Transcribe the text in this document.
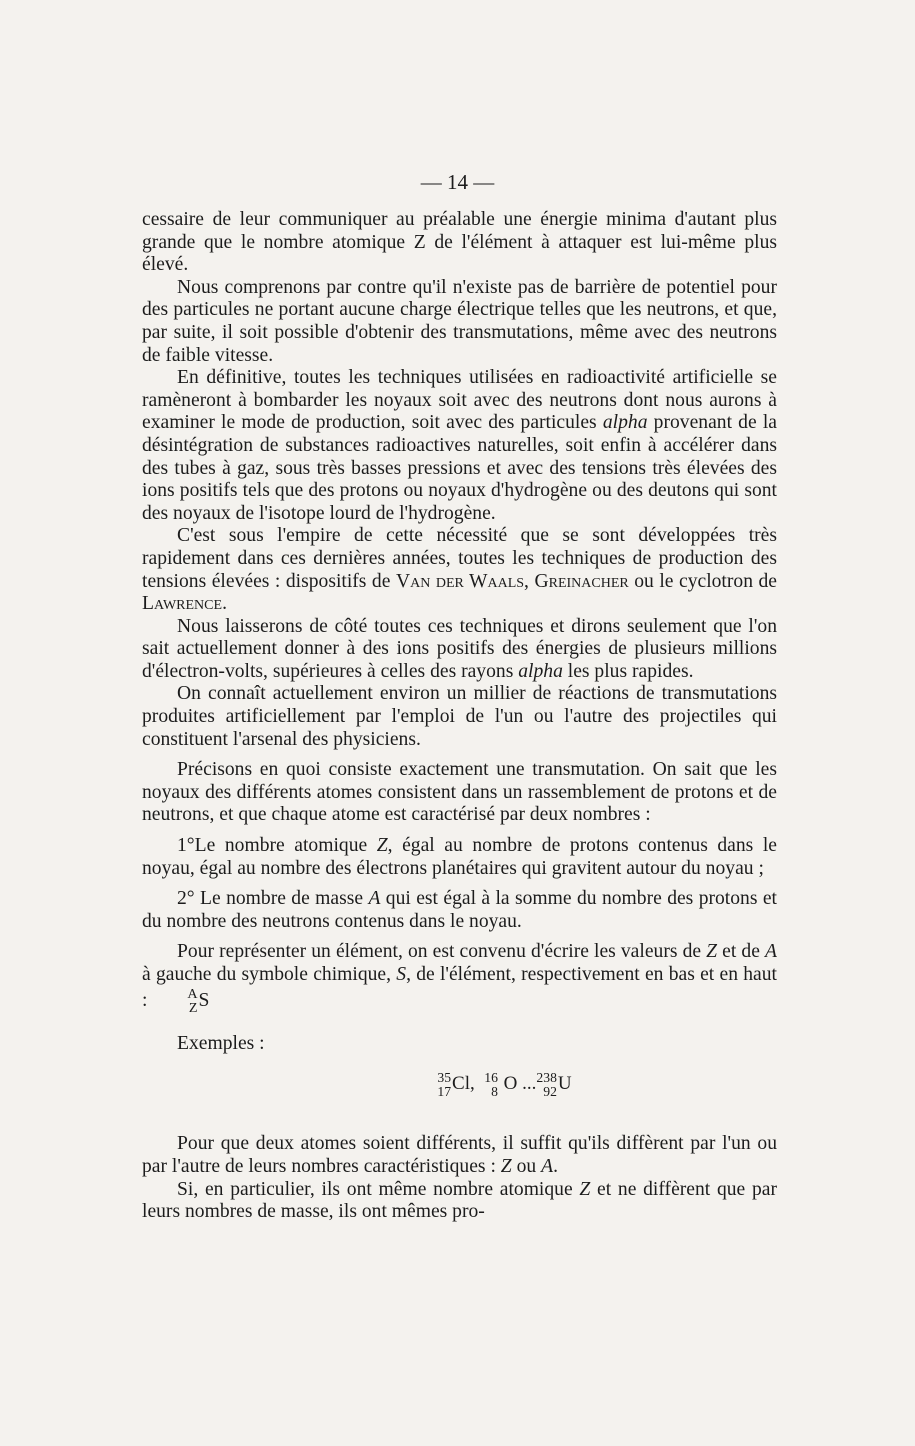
— 14 —

cessaire de leur communiquer au préalable une énergie minima d'autant plus grande que le nombre atomique Z de l'élément à attaquer est lui-même plus élevé.

Nous comprenons par contre qu'il n'existe pas de barrière de potentiel pour des particules ne portant aucune charge électrique telles que les neutrons, et que, par suite, il soit possible d'obtenir des transmutations, même avec des neutrons de faible vitesse.

En définitive, toutes les techniques utilisées en radioactivité artificielle se ramèneront à bombarder les noyaux soit avec des neutrons dont nous aurons à examiner le mode de production, soit avec des particules alpha provenant de la désintégration de substances radioactives naturelles, soit enfin à accélérer dans des tubes à gaz, sous très basses pressions et avec des tensions très élevées des ions positifs tels que des protons ou noyaux d'hydrogène ou des deutons qui sont des noyaux de l'isotope lourd de l'hydrogène.

C'est sous l'empire de cette nécessité que se sont développées très rapidement dans ces dernières années, toutes les techniques de production des tensions élevées : dispositifs de Van der Waals, Greinacher ou le cyclotron de Lawrence.

Nous laisserons de côté toutes ces techniques et dirons seulement que l'on sait actuellement donner à des ions positifs des énergies de plusieurs millions d'électron-volts, supérieures à celles des rayons alpha les plus rapides.

On connaît actuellement environ un millier de réactions de transmutations produites artificiellement par l'emploi de l'un ou l'autre des projectiles qui constituent l'arsenal des physiciens.

Précisons en quoi consiste exactement une transmutation. On sait que les noyaux des différents atomes consistent dans un rassemblement de protons et de neutrons, et que chaque atome est caractérisé par deux nombres :

1°Le nombre atomique Z, égal au nombre de protons contenus dans le noyau, égal au nombre des électrons planétaires qui gravitent autour du noyau ;

2° Le nombre de masse A qui est égal à la somme du nombre des protons et du nombre des neutrons contenus dans le noyau.

Pour représenter un élément, on est convenu d'écrire les valeurs de Z et de A à gauche du symbole chimique, S, de l'élément, respectivement en bas et en haut :	A
Z S

Exemples :

35
17 Cl, 16
8 O ... 238
92 U

Pour que deux atomes soient différents, il suffit qu'ils diffèrent par l'un ou par l'autre de leurs nombres caractéristiques : Z ou A.

Si, en particulier, ils ont même nombre atomique Z et ne diffèrent que par leurs nombres de masse, ils ont mêmes pro-
